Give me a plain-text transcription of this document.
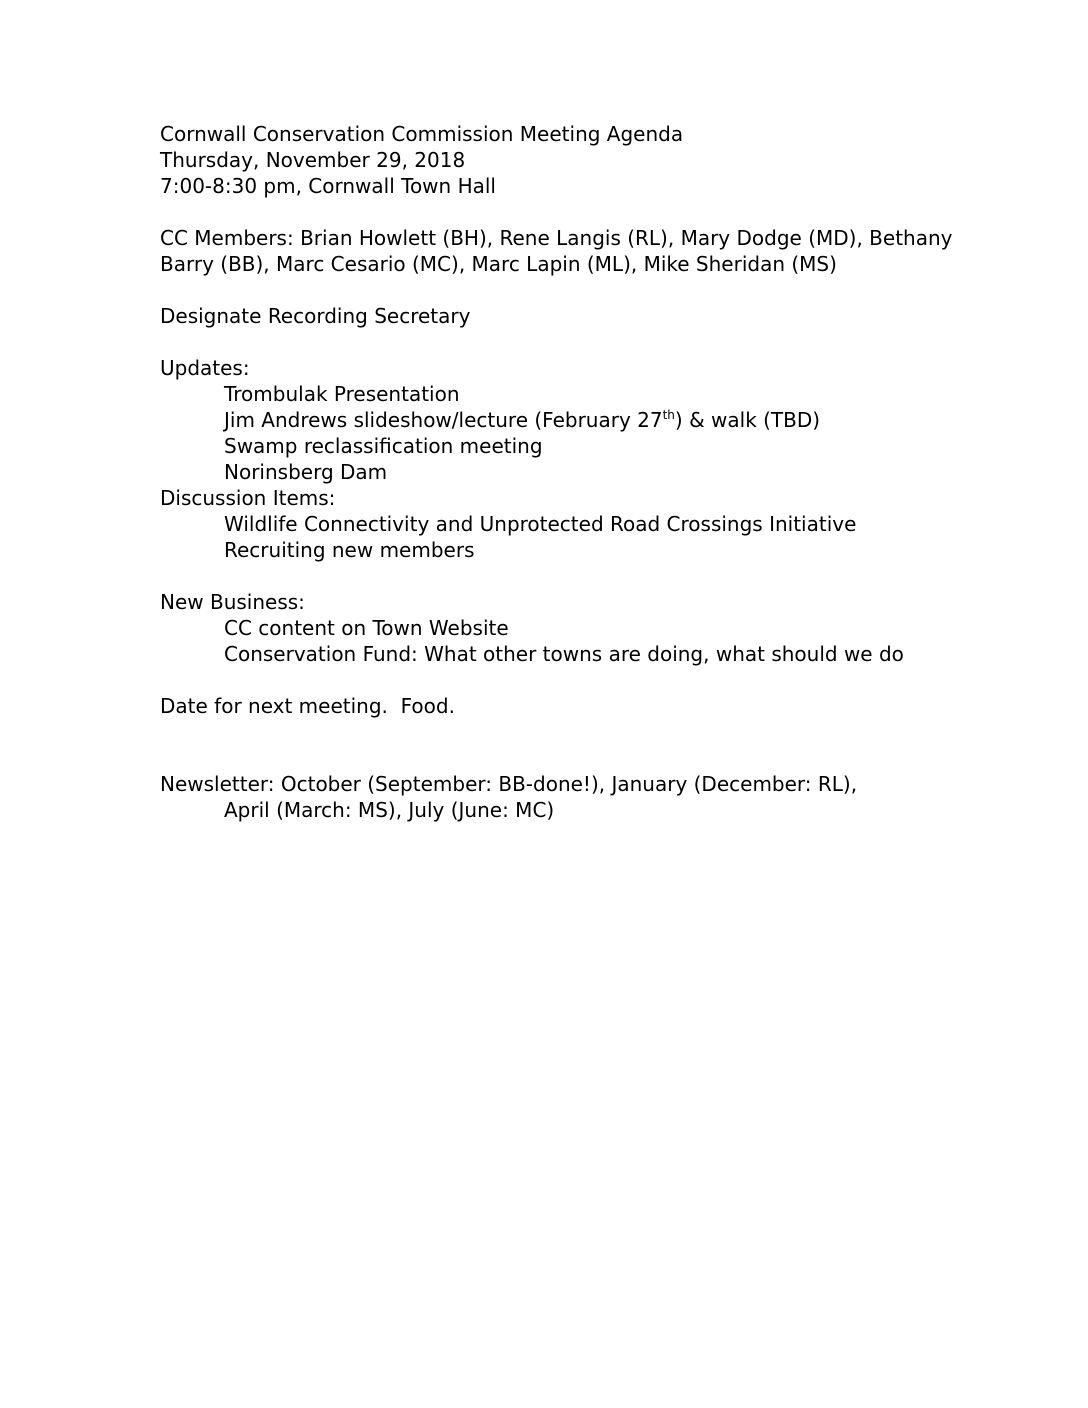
Cornwall Conservation Commission Meeting Agenda
Thursday, November 29, 2018
7:00-8:30 pm, Cornwall Town Hall
CC Members: Brian Howlett (BH), Rene Langis (RL), Mary Dodge (MD), Bethany
Barry (BB), Marc Cesario (MC), Marc Lapin (ML), Mike Sheridan (MS)
Designate Recording Secretary
Updates:
Trombulak Presentation
Jim Andrews slideshow/lecture (February 27th) & walk (TBD)
Swamp reclassification meeting
Norinsberg Dam
Discussion Items:
Wildlife Connectivity and Unprotected Road Crossings Initiative
Recruiting new members
New Business:
CC content on Town Website
Conservation Fund: What other towns are doing, what should we do
Date for next meeting.  Food.
Newsletter: October (September: BB-done!), January (December: RL),
April (March: MS), July (June: MC)
